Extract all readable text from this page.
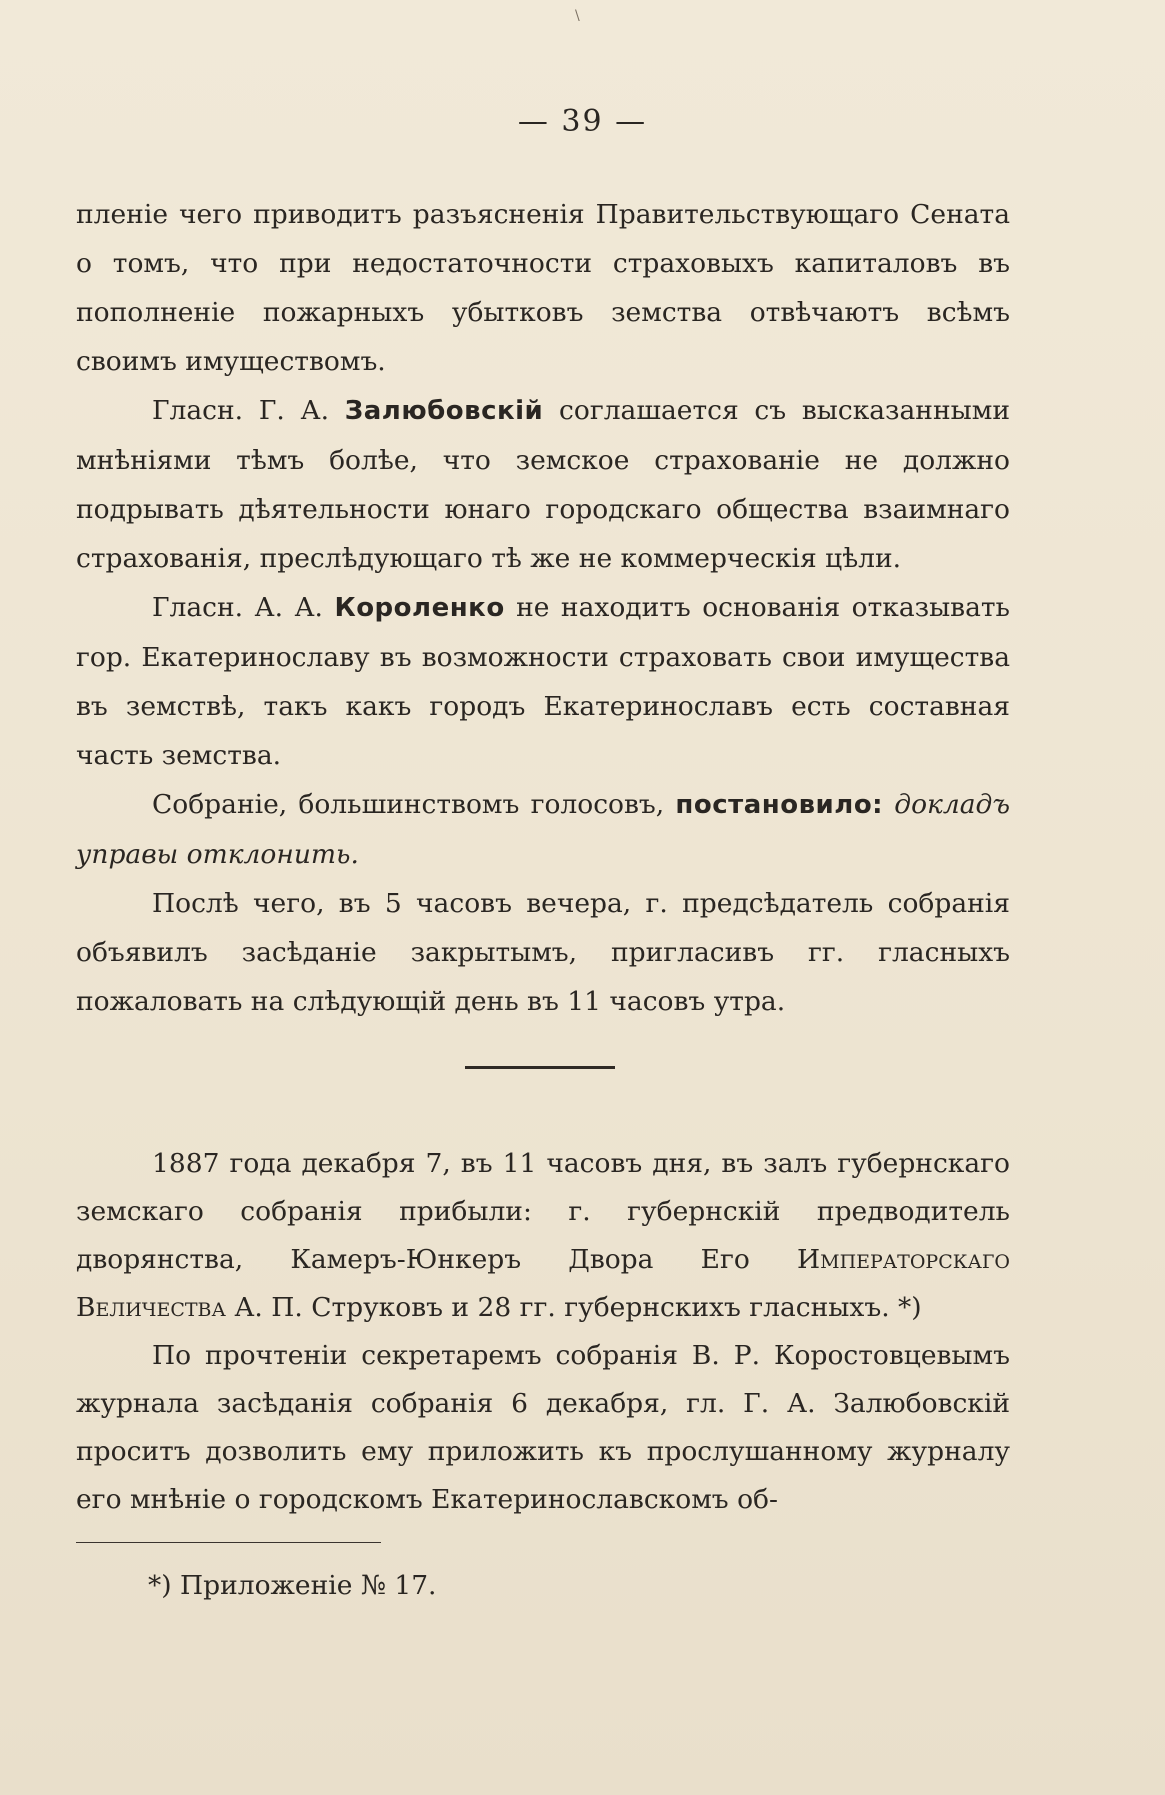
\
— 39 —

пленіе чего приводитъ разъясненія Правительствующаго Сената о томъ, что при недостаточности страховыхъ капиталовъ въ пополненіе пожарныхъ убытковъ земства отвѣчаютъ всѣмъ своимъ имуществомъ.

Гласн. Г. А. Залюбовскій соглашается съ высказанными мнѣніями тѣмъ болѣе, что земское страхованіе не должно подрывать дѣятельности юнаго городскаго общества взаимнаго страхованія, преслѣдующаго тѣ же не коммерческія цѣли.

Гласн. А. А. Короленко не находитъ основанія отказывать гор. Екатеринославу въ возможности страховать свои имущества въ земствѣ, такъ какъ городъ Екатеринославъ есть составная часть земства.

Собраніе, большинствомъ голосовъ, постановило: докладъ управы отклонить.

Послѣ чего, въ 5 часовъ вечера, г. предсѣдатель собранія объявилъ засѣданіе закрытымъ, пригласивъ гг. гласныхъ пожаловать на слѣдующій день въ 11 часовъ утра.

1887 года декабря 7, въ 11 часовъ дня, въ залъ губернскаго земскаго собранія прибыли: г. губернскій предводитель дворянства, Камеръ-Юнкеръ Двора Его Императорскаго Величества А. П. Струковъ и 28 гг. губернскихъ гласныхъ. *)

По прочтеніи секретаремъ собранія В. Р. Коростовцевымъ журнала засѣданія собранія 6 декабря, гл. Г. А. Залюбовскій проситъ дозволить ему приложить къ прослушанному журналу его мнѣніе о городскомъ Екатеринославскомъ об-

*) Приложеніе № 17.
